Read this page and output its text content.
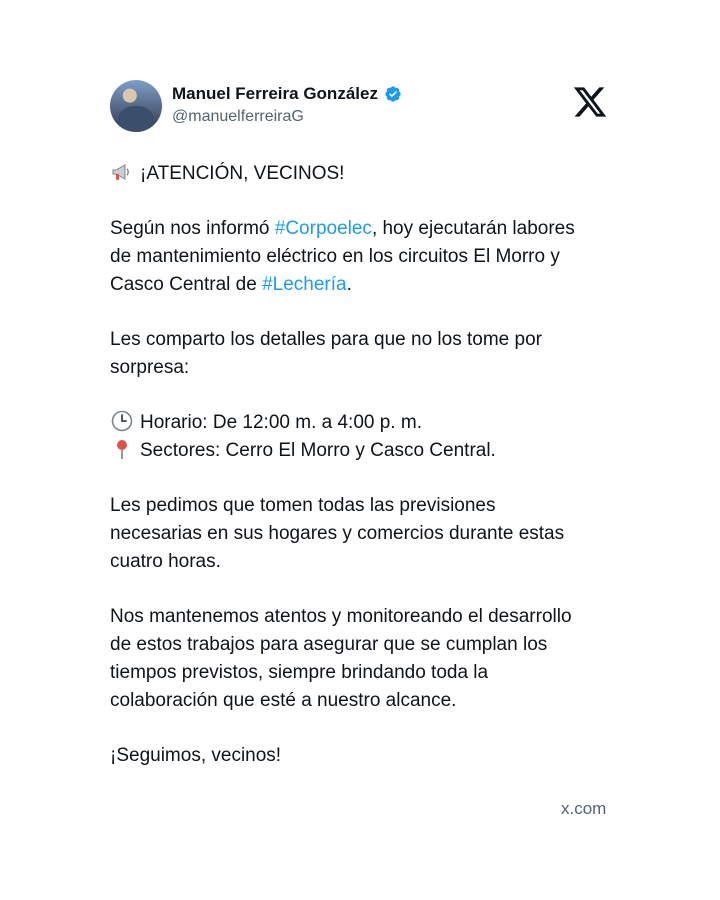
Manuel Ferreira González
@manuelferreiraG

¡ATENCIÓN, VECINOS!

Según nos informó #Corpoelec, hoy ejecutarán labores
de mantenimiento eléctrico en los circuitos El Morro y
Casco Central de #Lechería.

Les comparto los detalles para que no los tome por
sorpresa:

Horario: De 12:00 m. a 4:00 p. m.
Sectores: Cerro El Morro y Casco Central.

Les pedimos que tomen todas las previsiones
necesarias en sus hogares y comercios durante estas
cuatro horas.

Nos mantenemos atentos y monitoreando el desarrollo
de estos trabajos para asegurar que se cumplan los
tiempos previstos, siempre brindando toda la
colaboración que esté a nuestro alcance.

¡Seguimos, vecinos!

x.com
